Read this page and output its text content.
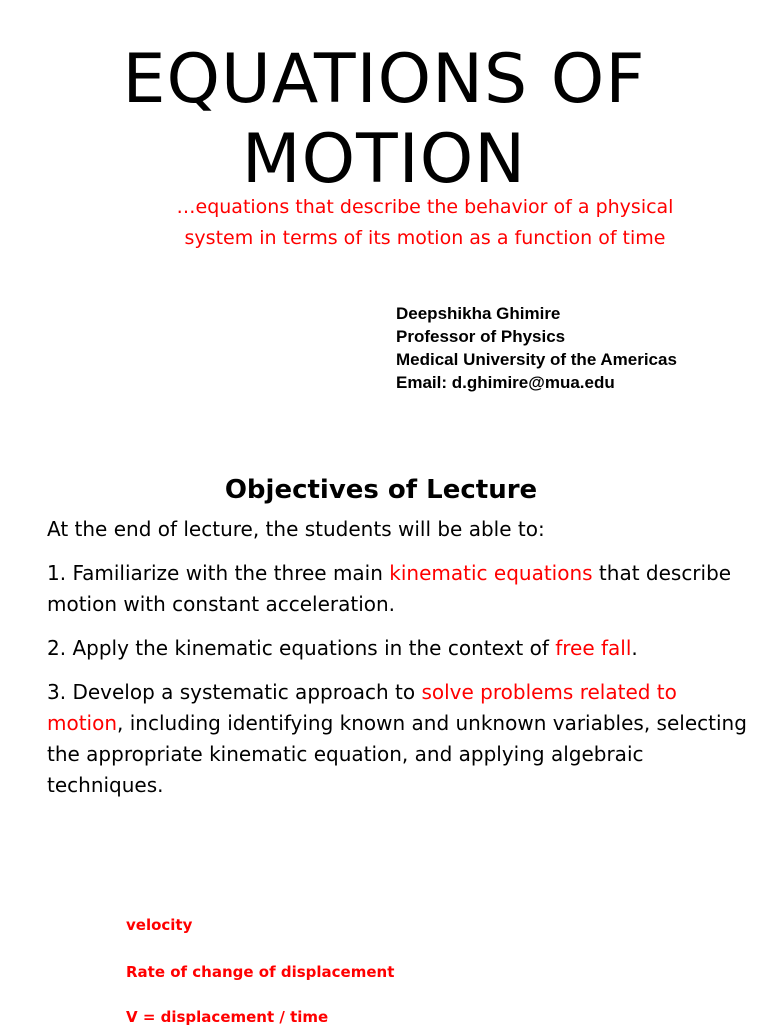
EQUATIONS OF
MOTION
…equations that describe the behavior of a physical
system in terms of its motion as a function of time
Deepshikha Ghimire
Professor of Physics
Medical University of the Americas
Email: d.ghimire@mua.edu
Objectives of Lecture

At the end of lecture, the students will be able to:

1. Familiarize with the three main kinematic equations that describe motion with constant acceleration.

2. Apply the kinematic equations in the context of free fall.

3. Develop a systematic approach to solve problems related to motion, including identifying known and unknown variables, selecting the appropriate kinematic equation, and applying algebraic techniques.

velocity
Rate of change of displacement
V = displacement / time
